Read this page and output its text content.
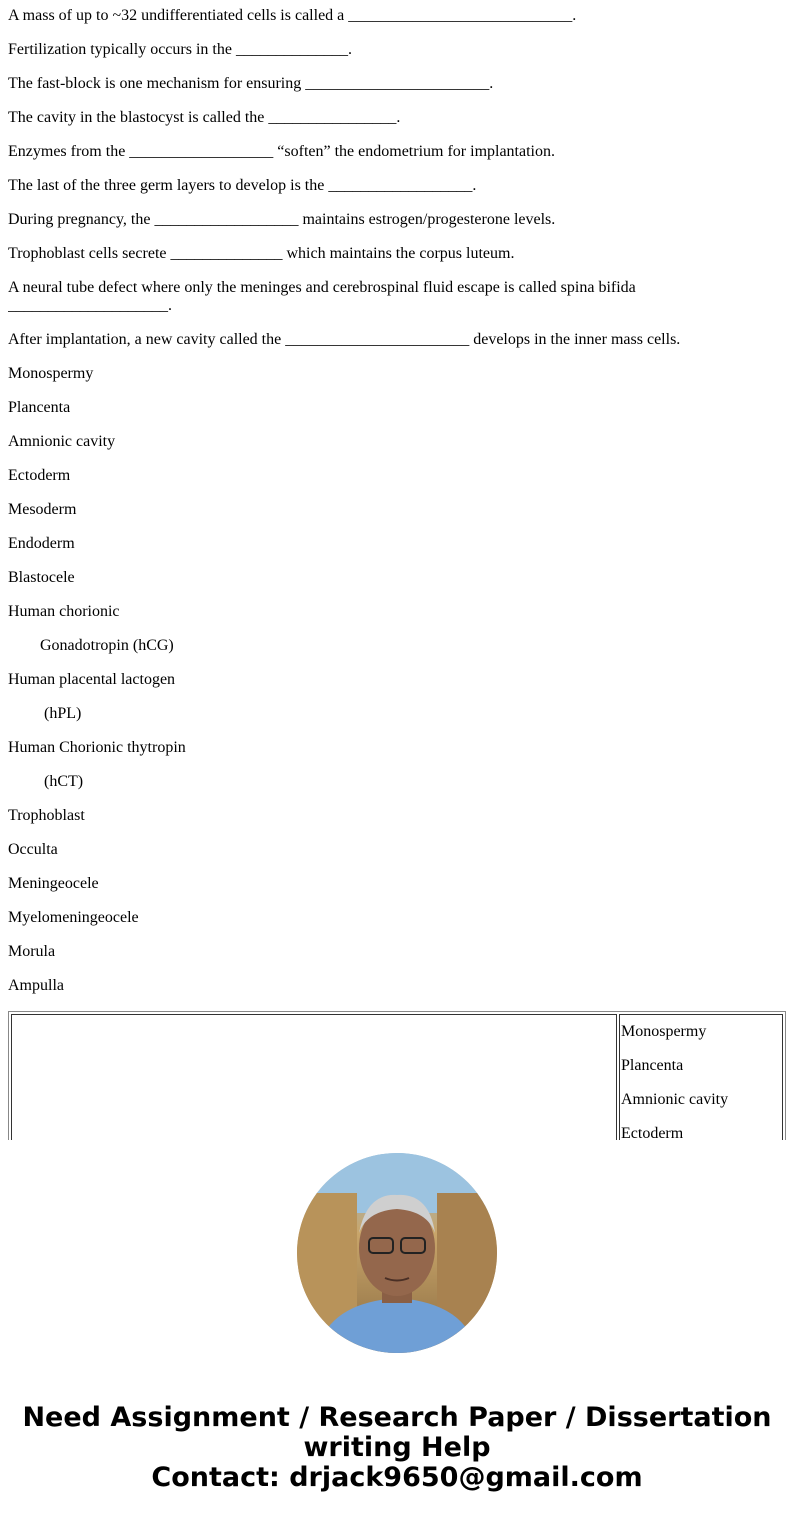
A mass of up to ~32 undifferentiated cells is called a ____________________________.

Fertilization typically occurs in the ______________.

The fast-block is one mechanism for ensuring _______________________.

The cavity in the blastocyst is called the ________________.

Enzymes from the __________________ “soften” the endometrium for implantation.

The last of the three germ layers to develop is the __________________.

During pregnancy, the __________________ maintains estrogen/progesterone levels.

Trophoblast cells secrete ______________ which maintains the corpus luteum.

A neural tube defect where only the meninges and cerebrospinal fluid escape is called spina bifida ____________________.

After implantation, a new cavity called the _______________________ develops in the inner mass cells.

Monospermy

Plancenta

Amnionic cavity

Ectoderm

Mesoderm

Endoderm

Blastocele

Human chorionic

Gonadotropin (hCG)

Human placental lactogen

(hPL)

Human Chorionic thytropin

(hCT)

Trophoblast

Occulta

Meningeocele

Myelomeningeocele

Morula

Ampulla

Monospermy

Plancenta

Amnionic cavity

Ectoderm

Need Assignment / Research Paper / Dissertation writing Help
Contact: drjack9650@gmail.com
